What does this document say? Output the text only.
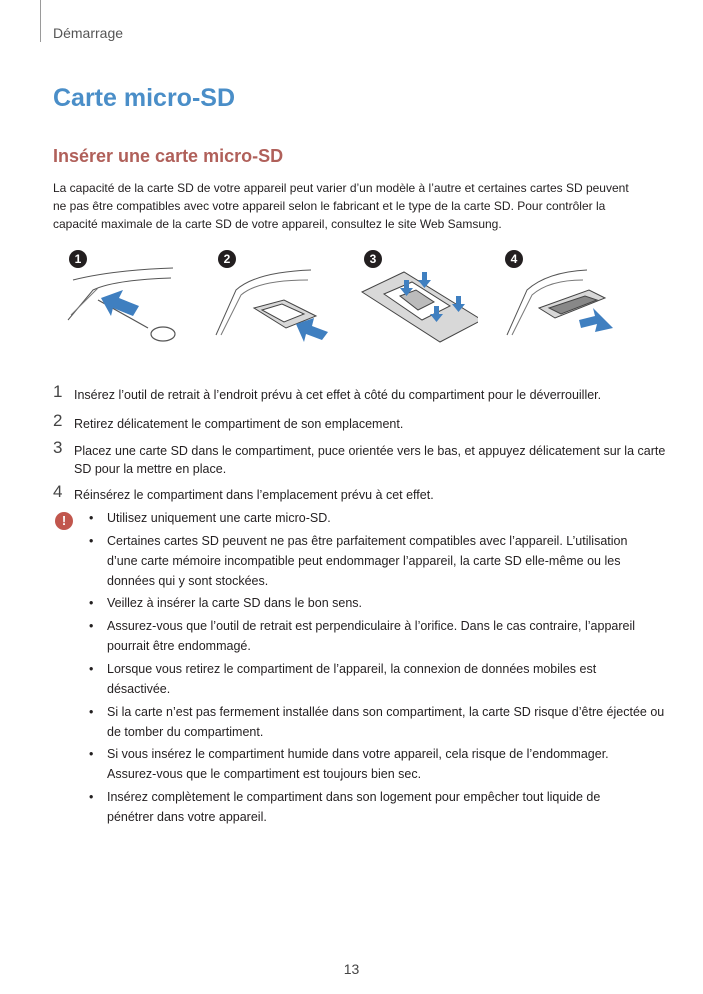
Démarrage
Carte micro-SD
Insérer une carte micro-SD
La capacité de la carte SD de votre appareil peut varier d’un modèle à l’autre et certaines cartes SD peuvent
ne pas être compatibles avec votre appareil selon le fabricant et le type de la carte SD. Pour contrôler la
capacité maximale de la carte SD de votre appareil, consultez le site Web Samsung.
1	2	3	4
1 Insérez l’outil de retrait à l’endroit prévu à cet effet à côté du compartiment pour le déverrouiller.
2 Retirez délicatement le compartiment de son emplacement.
3 Placez une carte SD dans le compartiment, puce orientée vers le bas, et appuyez délicatement sur la carte
SD pour la mettre en place.
4 Réinsérez le compartiment dans l’emplacement prévu à cet effet.
!	• Utilisez uniquement une carte micro-SD.
• Certaines cartes SD peuvent ne pas être parfaitement compatibles avec l’appareil. L’utilisation
d’une carte mémoire incompatible peut endommager l’appareil, la carte SD elle-même ou les
données qui y sont stockées.
• Veillez à insérer la carte SD dans le bon sens.
• Assurez-vous que l’outil de retrait est perpendiculaire à l’orifice. Dans le cas contraire, l’appareil
pourrait être endommagé.
• Lorsque vous retirez le compartiment de l’appareil, la connexion de données mobiles est
désactivée.
• Si la carte n’est pas fermement installée dans son compartiment, la carte SD risque d’être éjectée ou
de tomber du compartiment.
• Si vous insérez le compartiment humide dans votre appareil, cela risque de l’endommager.
Assurez-vous que le compartiment est toujours bien sec.
• Insérez complètement le compartiment dans son logement pour empêcher tout liquide de
pénétrer dans votre appareil.
13
